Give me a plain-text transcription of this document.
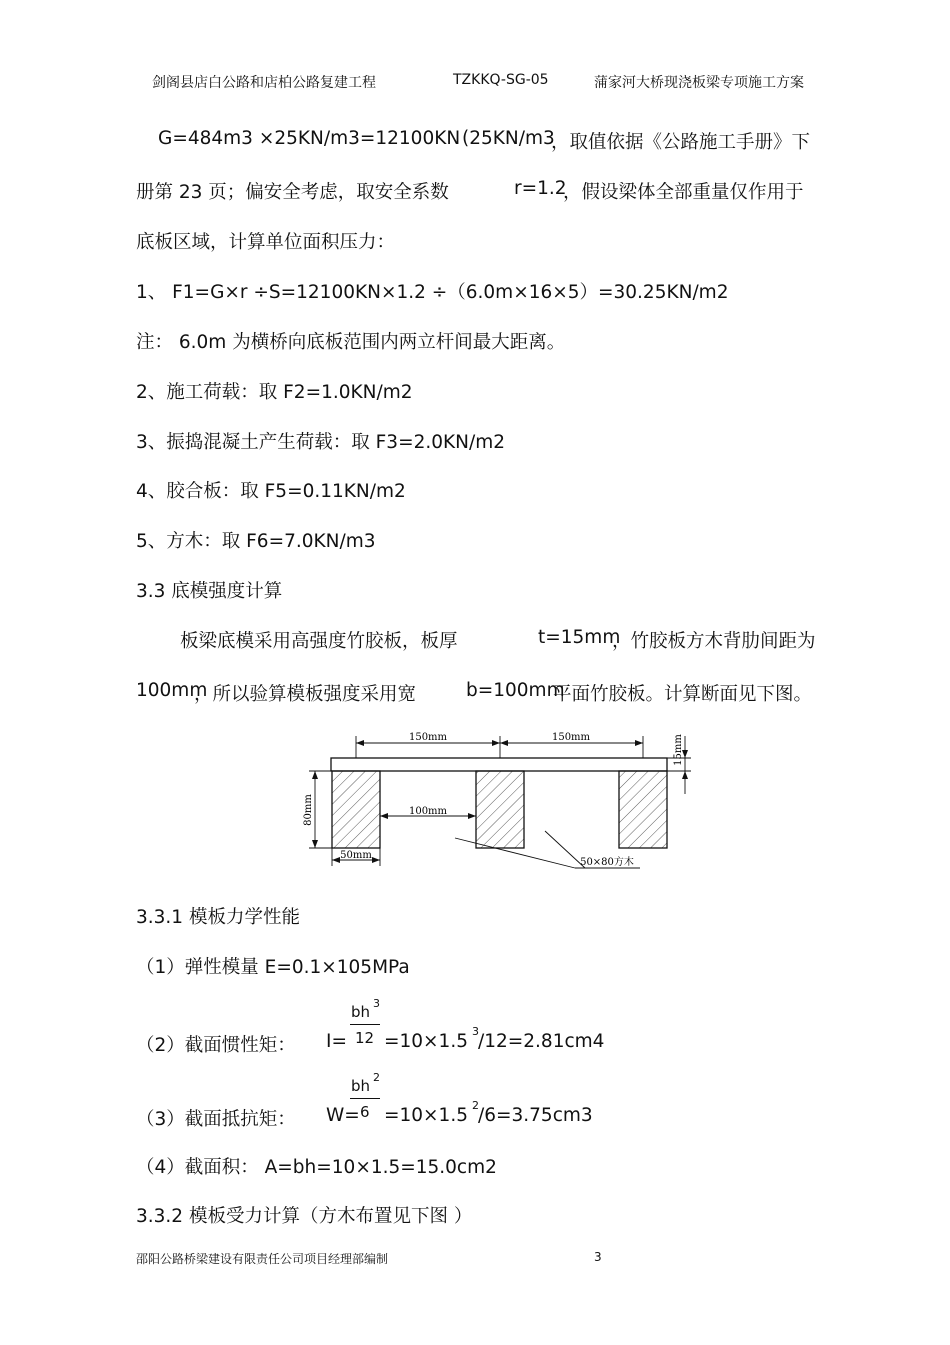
剑阁县店白公路和店柏公路复建工程	TZKKQ-SG-05	蒲家河大桥现浇板梁专项施工方案
G=484m3 ×25KN/m3=12100KN (25KN/m3
，取值依据《公路施工手册》下
册第 23 页；偏安全考虑，取安全系数	r=1.2
，假设梁体全部重量仅作用于
底板区域，计算单位面积压力：
1、 F1=G×r ÷S=12100KN×1.2 ÷（6.0m×16×5）=30.25KN/m2
注： 6.0m 为横桥向底板范围内两立杆间最大距离。
2、施工荷载：取 F2=1.0KN/m2
3、振捣混凝土产生荷载：取 F3=2.0KN/m2
4、胶合板：取 F5=0.11KN/m2
5、方木：取 F6=7.0KN/m3
3.3 底模强度计算
板梁底模采用高强度竹胶板，板厚	t=15mm
，竹胶板方木背肋间距为
100mm
，所以验算模板强度采用宽	b=100mm
平面竹胶板。计算断面见下图。
150mm	150mm
100mm
50mm
80mm
15mm
50×80方木
3.3.1 模板力学性能
（1）弹性模量 E=0.1×105MPa
bh 3
（2）截面惯性矩： I= 12 =10×1.5 3 /12=2.81cm4
bh 2
（3）截面抵抗矩： W= 6 =10×1.5 2 /6=3.75cm3
（4）截面积： A=bh=10×1.5=15.0cm2
3.3.2 模板受力计算（方木布置见下图 ）
邵阳公路桥梁建设有限责任公司项目经理部编制	3
